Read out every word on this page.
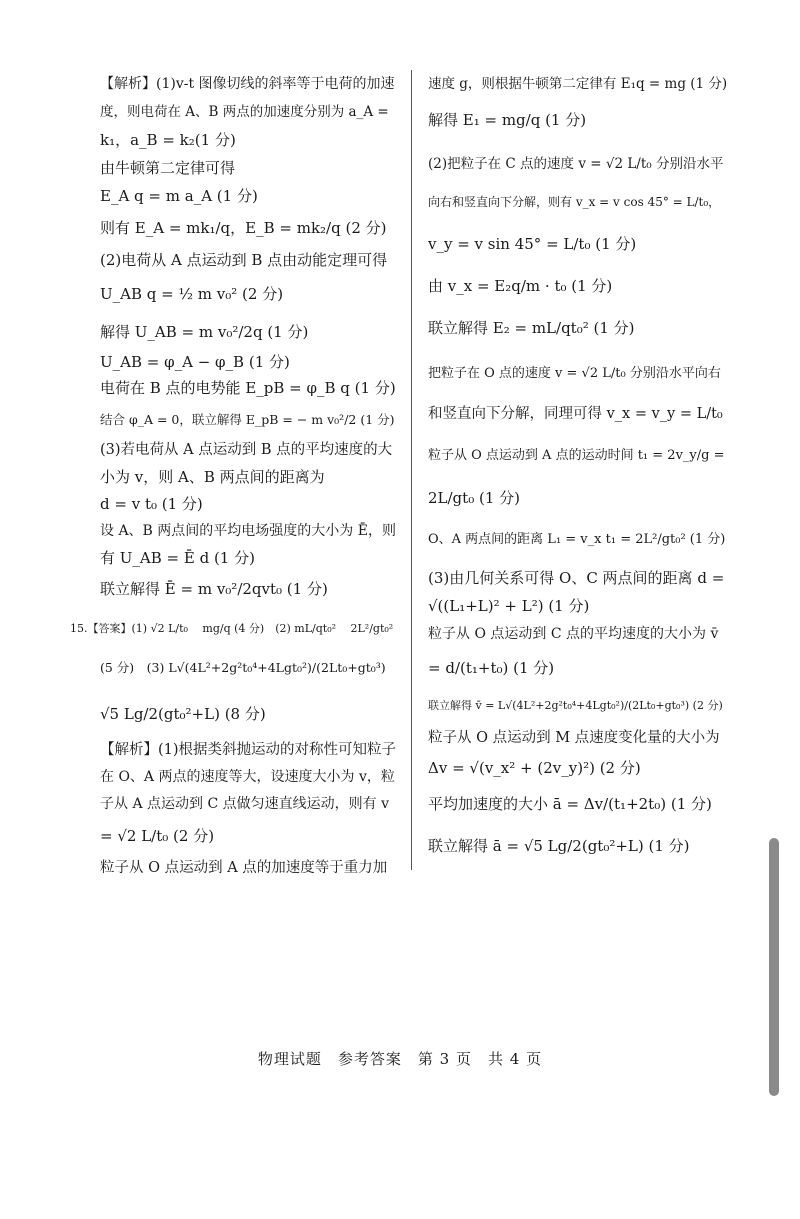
【解析】(1)v-t 图像切线的斜率等于电荷的加速
度，则电荷在 A、B 两点的加速度分别为 a_A =
k₁，a_B = k₂(1 分)
由牛顿第二定律可得
E_A q = m a_A (1 分)
则有 E_A = mk₁/q，E_B = mk₂/q (2 分)
(2)电荷从 A 点运动到 B 点由动能定理可得
U_AB q = ½ m v₀² (2 分)
解得 U_AB = m v₀²/2q (1 分)
U_AB = φ_A − φ_B (1 分)
电荷在 B 点的电势能 E_pB = φ_B q (1 分)
结合 φ_A = 0，联立解得 E_pB = − m v₀²/2 (1 分)
(3)若电荷从 A 点运动到 B 点的平均速度的大
小为 v，则 A、B 两点间的距离为
d = v t₀ (1 分)
设 A、B 两点间的平均电场强度的大小为 Ē，则
有 U_AB = Ē d (1 分)
联立解得 Ē = m v₀²/2qvt₀ (1 分)
15.【答案】(1) √2 L/t₀　 mg/q (4 分)　(2) mL/qt₀²　 2L²/gt₀²
(5 分)　(3) L√(4L²+2g²t₀⁴+4Lgt₀²)/(2Lt₀+gt₀³)
√5 Lg/2(gt₀²+L) (8 分)
【解析】(1)根据类斜抛运动的对称性可知粒子
在 O、A 两点的速度等大，设速度大小为 v，粒
子从 A 点运动到 C 点做匀速直线运动，则有 v
= √2 L/t₀ (2 分)
粒子从 O 点运动到 A 点的加速度等于重力加
速度 g，则根据牛顿第二定律有 E₁q = mg (1 分)
解得 E₁ = mg/q (1 分)
(2)把粒子在 C 点的速度 v = √2 L/t₀ 分别沿水平
向右和竖直向下分解，则有 v_x = v cos 45° = L/t₀，
v_y = v sin 45° = L/t₀ (1 分)
由 v_x = E₂q/m · t₀ (1 分)
联立解得 E₂ = mL/qt₀² (1 分)
把粒子在 O 点的速度 v = √2 L/t₀ 分别沿水平向右
和竖直向下分解，同理可得 v_x = v_y = L/t₀
粒子从 O 点运动到 A 点的运动时间 t₁ = 2v_y/g =
2L/gt₀ (1 分)
O、A 两点间的距离 L₁ = v_x t₁ = 2L²/gt₀² (1 分)
(3)由几何关系可得 O、C 两点间的距离 d =
√((L₁+L)² + L²) (1 分)
粒子从 O 点运动到 C 点的平均速度的大小为 v̄
= d/(t₁+t₀) (1 分)
联立解得 v̄ = L√(4L²+2g²t₀⁴+4Lgt₀²)/(2Lt₀+gt₀³) (2 分)
粒子从 O 点运动到 M 点速度变化量的大小为
Δv = √(v_x² + (2v_y)²) (2 分)
平均加速度的大小 ā = Δv/(t₁+2t₀) (1 分)
联立解得 ā = √5 Lg/2(gt₀²+L) (1 分)
物理试题　参考答案　第 3 页　共 4 页
